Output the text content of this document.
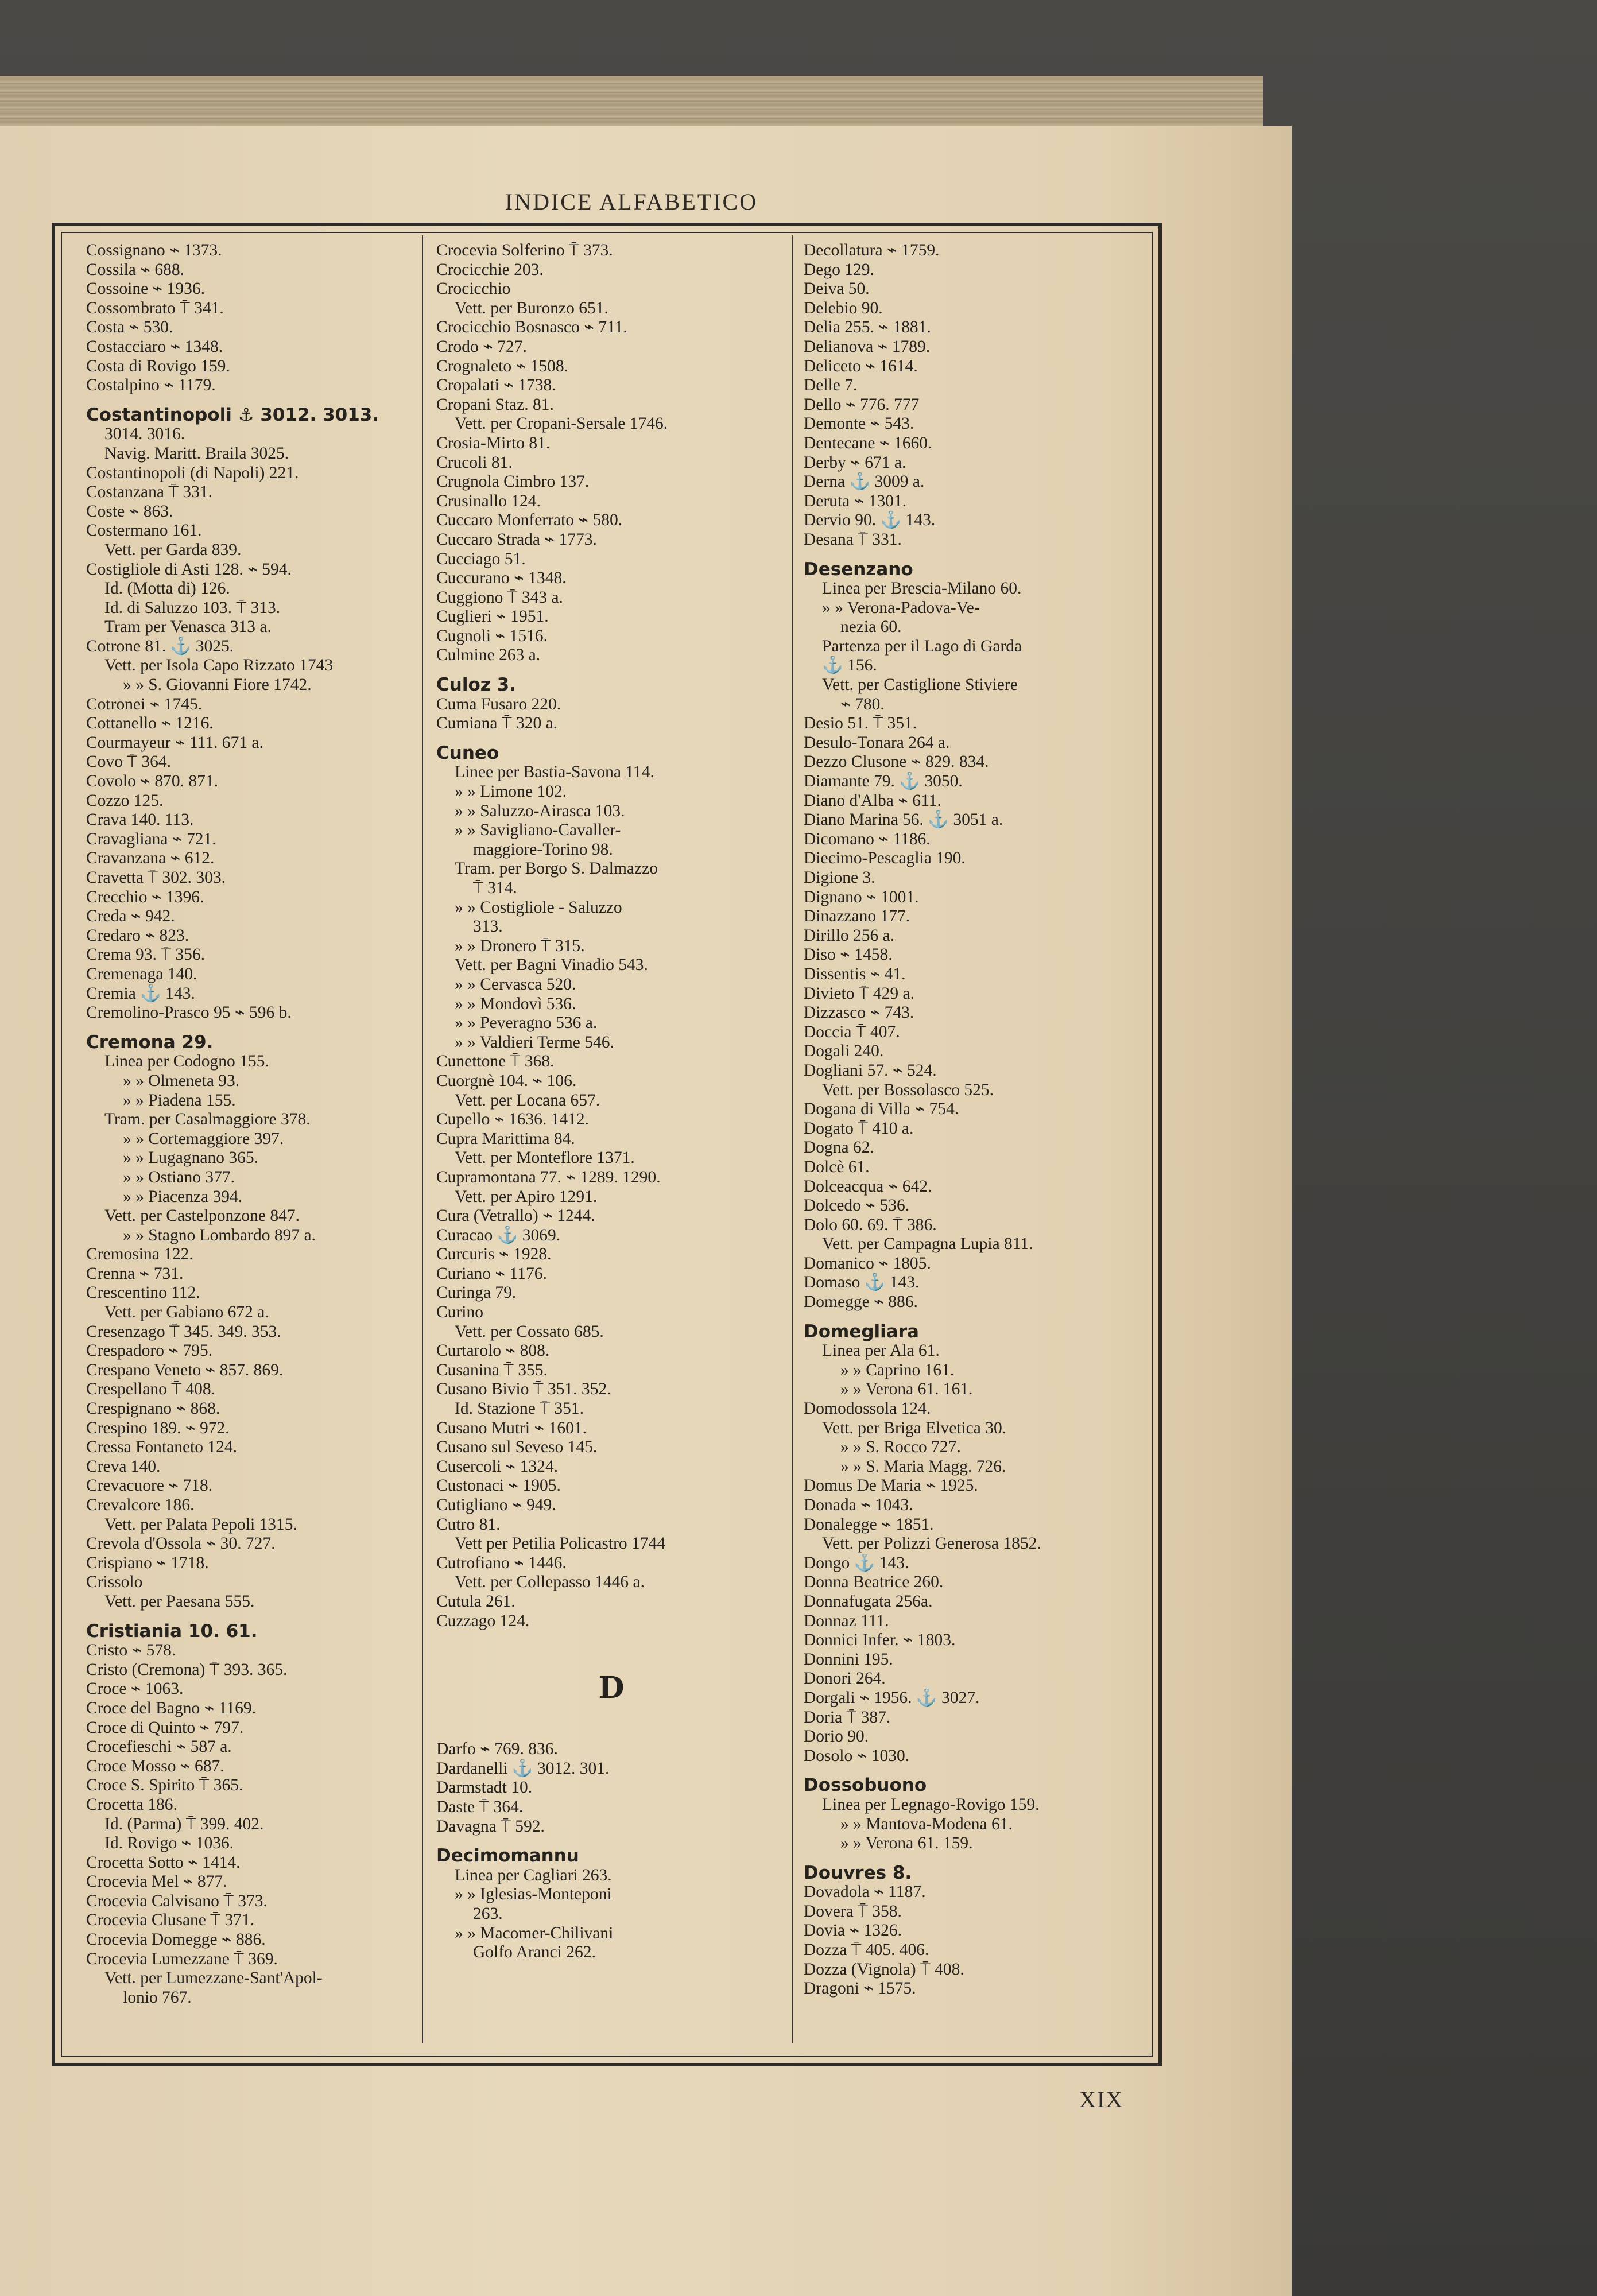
INDICE ALFABETICO
Cossignano ⌁ 1373.
Cossila ⌁ 688.
Cossoine ⌁ 1936.
Cossombrato ⍑ 341.
Costa ⌁ 530.
Costacciaro ⌁ 1348.
Costa di Rovigo 159.
Costalpino ⌁ 1179.
Costantinopoli ⚓ 3012. 3013.
3014. 3016.
Navig. Maritt. Braila 3025.
Costantinopoli (di Napoli) 221.
Costanzana ⍑ 331.
Coste ⌁ 863.
Costermano 161.
Vett. per Garda 839.
Costigliole di Asti 128. ⌁ 594.
Id. (Motta di) 126.
Id. di Saluzzo 103. ⍑ 313.
Tram per Venasca 313 a.
Cotrone 81. ⚓ 3025.
Vett. per Isola Capo Rizzato 1743
» » S. Giovanni Fiore 1742.
Cotronei ⌁ 1745.
Cottanello ⌁ 1216.
Courmayeur ⌁ 111. 671 a.
Covo ⍑ 364.
Covolo ⌁ 870. 871.
Cozzo 125.
Crava 140. 113.
Cravagliana ⌁ 721.
Cravanzana ⌁ 612.
Cravetta ⍑ 302. 303.
Crecchio ⌁ 1396.
Creda ⌁ 942.
Credaro ⌁ 823.
Crema 93. ⍑ 356.
Cremenaga 140.
Cremia ⚓ 143.
Cremolino-Prasco 95 ⌁ 596 b.
Cremona 29.
Linea per Codogno 155.
» » Olmeneta 93.
» » Piadena 155.
Tram. per Casalmaggiore 378.
» » Cortemaggiore 397.
» » Lugagnano 365.
» » Ostiano 377.
» » Piacenza 394.
Vett. per Castelponzone 847.
» » Stagno Lombardo 897 a.
Cremosina 122.
Crenna ⌁ 731.
Crescentino 112.
Vett. per Gabiano 672 a.
Cresenzago ⍑ 345. 349. 353.
Crespadoro ⌁ 795.
Crespano Veneto ⌁ 857. 869.
Crespellano ⍑ 408.
Crespignano ⌁ 868.
Crespino 189. ⌁ 972.
Cressa Fontaneto 124.
Creva 140.
Crevacuore ⌁ 718.
Crevalcore 186.
Vett. per Palata Pepoli 1315.
Crevola d'Ossola ⌁ 30. 727.
Crispiano ⌁ 1718.
Crissolo
Vett. per Paesana 555.
Cristiania 10. 61.
Cristo ⌁ 578.
Cristo (Cremona) ⍑ 393. 365.
Croce ⌁ 1063.
Croce del Bagno ⌁ 1169.
Croce di Quinto ⌁ 797.
Crocefieschi ⌁ 587 a.
Croce Mosso ⌁ 687.
Croce S. Spirito ⍑ 365.
Crocetta 186.
Id. (Parma) ⍑ 399. 402.
Id. Rovigo ⌁ 1036.
Crocetta Sotto ⌁ 1414.
Crocevia Mel ⌁ 877.
Crocevia Calvisano ⍑ 373.
Crocevia Clusane ⍑ 371.
Crocevia Domegge ⌁ 886.
Crocevia Lumezzane ⍑ 369.
Vett. per Lumezzane-Sant'Apol-
lonio 767.
Crocevia Solferino ⍑ 373.
Crocicchie 203.
Crocicchio
Vett. per Buronzo 651.
Crocicchio Bosnasco ⌁ 711.
Crodo ⌁ 727.
Crognaleto ⌁ 1508.
Cropalati ⌁ 1738.
Cropani Staz. 81.
Vett. per Cropani-Sersale 1746.
Crosia-Mirto 81.
Crucoli 81.
Crugnola Cimbro 137.
Crusinallo 124.
Cuccaro Monferrato ⌁ 580.
Cuccaro Strada ⌁ 1773.
Cucciago 51.
Cuccurano ⌁ 1348.
Cuggiono ⍑ 343 a.
Cuglieri ⌁ 1951.
Cugnoli ⌁ 1516.
Culmine 263 a.
Culoz 3.
Cuma Fusaro 220.
Cumiana ⍑ 320 a.
Cuneo
Linee per Bastia-Savona 114.
» » Limone 102.
» » Saluzzo-Airasca 103.
» » Savigliano-Cavaller-
maggiore-Torino 98.
Tram. per Borgo S. Dalmazzo
⍑ 314.
» » Costigliole - Saluzzo
313.
» » Dronero ⍑ 315.
Vett. per Bagni Vinadio 543.
» » Cervasca 520.
» » Mondovì 536.
» » Peveragno 536 a.
» » Valdieri Terme 546.
Cunettone ⍑ 368.
Cuorgnè 104. ⌁ 106.
Vett. per Locana 657.
Cupello ⌁ 1636. 1412.
Cupra Marittima 84.
Vett. per Monteflore 1371.
Cupramontana 77. ⌁ 1289. 1290.
Vett. per Apiro 1291.
Cura (Vetrallo) ⌁ 1244.
Curacao ⚓ 3069.
Curcuris ⌁ 1928.
Curiano ⌁ 1176.
Curinga 79.
Curino
Vett. per Cossato 685.
Curtarolo ⌁ 808.
Cusanina ⍑ 355.
Cusano Bivio ⍑ 351. 352.
Id. Stazione ⍑ 351.
Cusano Mutri ⌁ 1601.
Cusano sul Seveso 145.
Cusercoli ⌁ 1324.
Custonaci ⌁ 1905.
Cutigliano ⌁ 949.
Cutro 81.
Vett per Petilia Policastro 1744
Cutrofiano ⌁ 1446.
Vett. per Collepasso 1446 a.
Cutula 261.
Cuzzago 124.
D
Darfo ⌁ 769. 836.
Dardanelli ⚓ 3012. 301.
Darmstadt 10.
Daste ⍑ 364.
Davagna ⍑ 592.
Decimomannu
Linea per Cagliari 263.
» » Iglesias-Monteponi
263.
» » Macomer-Chilivani
Golfo Aranci 262.
Decollatura ⌁ 1759.
Dego 129.
Deiva 50.
Delebio 90.
Delia 255. ⌁ 1881.
Delianova ⌁ 1789.
Deliceto ⌁ 1614.
Delle 7.
Dello ⌁ 776. 777
Demonte ⌁ 543.
Dentecane ⌁ 1660.
Derby ⌁ 671 a.
Derna ⚓ 3009 a.
Deruta ⌁ 1301.
Dervio 90. ⚓ 143.
Desana ⍑ 331.
Desenzano
Linea per Brescia-Milano 60.
» » Verona-Padova-Ve-
nezia 60.
Partenza per il Lago di Garda
⚓ 156.
Vett. per Castiglione Stiviere
⌁ 780.
Desio 51. ⍑ 351.
Desulo-Tonara 264 a.
Dezzo Clusone ⌁ 829. 834.
Diamante 79. ⚓ 3050.
Diano d'Alba ⌁ 611.
Diano Marina 56. ⚓ 3051 a.
Dicomano ⌁ 1186.
Diecimo-Pescaglia 190.
Digione 3.
Dignano ⌁ 1001.
Dinazzano 177.
Dirillo 256 a.
Diso ⌁ 1458.
Dissentis ⌁ 41.
Divieto ⍑ 429 a.
Dizzasco ⌁ 743.
Doccia ⍑ 407.
Dogali 240.
Dogliani 57. ⌁ 524.
Vett. per Bossolasco 525.
Dogana di Villa ⌁ 754.
Dogato ⍑ 410 a.
Dogna 62.
Dolcè 61.
Dolceacqua ⌁ 642.
Dolcedo ⌁ 536.
Dolo 60. 69. ⍑ 386.
Vett. per Campagna Lupia 811.
Domanico ⌁ 1805.
Domaso ⚓ 143.
Domegge ⌁ 886.
Domegliara
Linea per Ala 61.
» » Caprino 161.
» » Verona 61. 161.
Domodossola 124.
Vett. per Briga Elvetica 30.
» » S. Rocco 727.
» » S. Maria Magg. 726.
Domus De Maria ⌁ 1925.
Donada ⌁ 1043.
Donalegge ⌁ 1851.
Vett. per Polizzi Generosa 1852.
Dongo ⚓ 143.
Donna Beatrice 260.
Donnafugata 256a.
Donnaz 111.
Donnici Infer. ⌁ 1803.
Donnini 195.
Donori 264.
Dorgali ⌁ 1956. ⚓ 3027.
Doria ⍑ 387.
Dorio 90.
Dosolo ⌁ 1030.
Dossobuono
Linea per Legnago-Rovigo 159.
» » Mantova-Modena 61.
» » Verona 61. 159.
Douvres 8.
Dovadola ⌁ 1187.
Dovera ⍑ 358.
Dovia ⌁ 1326.
Dozza ⍑ 405. 406.
Dozza (Vignola) ⍑ 408.
Dragoni ⌁ 1575.
XIX
